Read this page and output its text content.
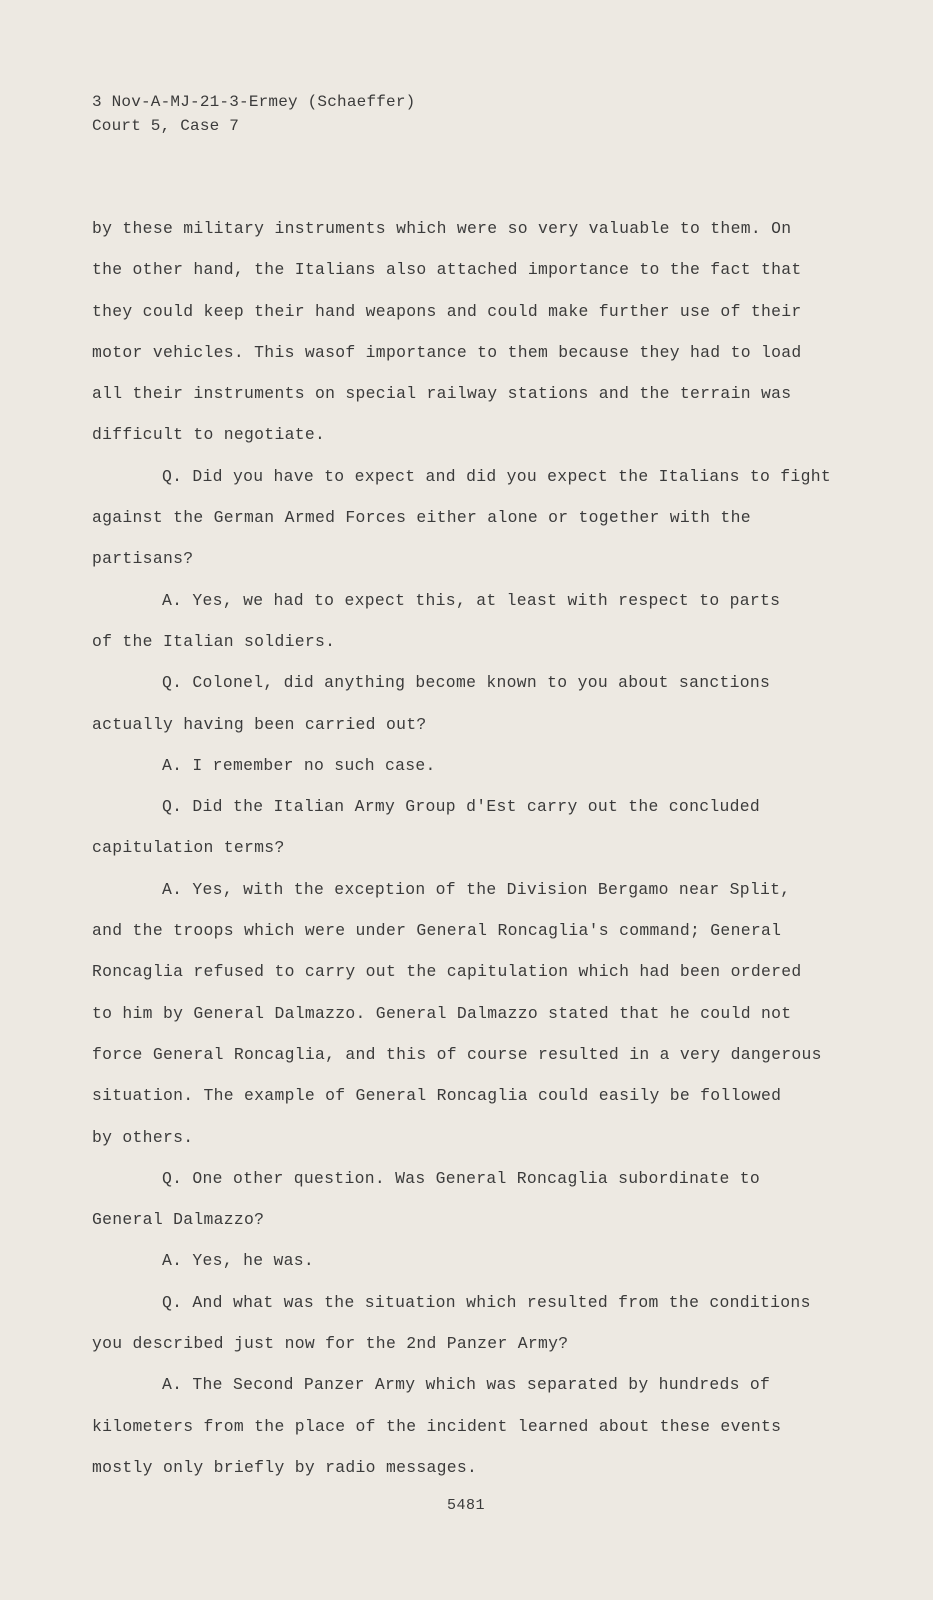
3 Nov-A-MJ-21-3-Ermey (Schaeffer)
Court 5, Case 7
by these military instruments which were so very valuable to them. On
the other hand, the Italians also attached importance to the fact that
they could keep their hand weapons and could make further use of their
motor vehicles. This wasof importance to them because they had to load
all their instruments on special railway stations and the terrain was
difficult to negotiate.
Q. Did you have to expect and did you expect the Italians to fight
against the German Armed Forces either alone or together with the
partisans?
A. Yes, we had to expect this, at least with respect to parts
of the Italian soldiers.
Q. Colonel, did anything become known to you about sanctions
actually having been carried out?
A. I remember no such case.
Q. Did the Italian Army Group d'Est carry out the concluded
capitulation terms?
A. Yes, with the exception of the Division Bergamo near Split,
and the troops which were under General Roncaglia's command; General
Roncaglia refused to carry out the capitulation which had been ordered
to him by General Dalmazzo. General Dalmazzo stated that he could not
force General Roncaglia, and this of course resulted in a very dangerous
situation. The example of General Roncaglia could easily be followed
by others.
Q. One other question. Was General Roncaglia subordinate to
General Dalmazzo?
A. Yes, he was.
Q. And what was the situation which resulted from the conditions
you described just now for the 2nd Panzer Army?
A. The Second Panzer Army which was separated by hundreds of
kilometers from the place of the incident learned about these events
mostly only briefly by radio messages.
5481
